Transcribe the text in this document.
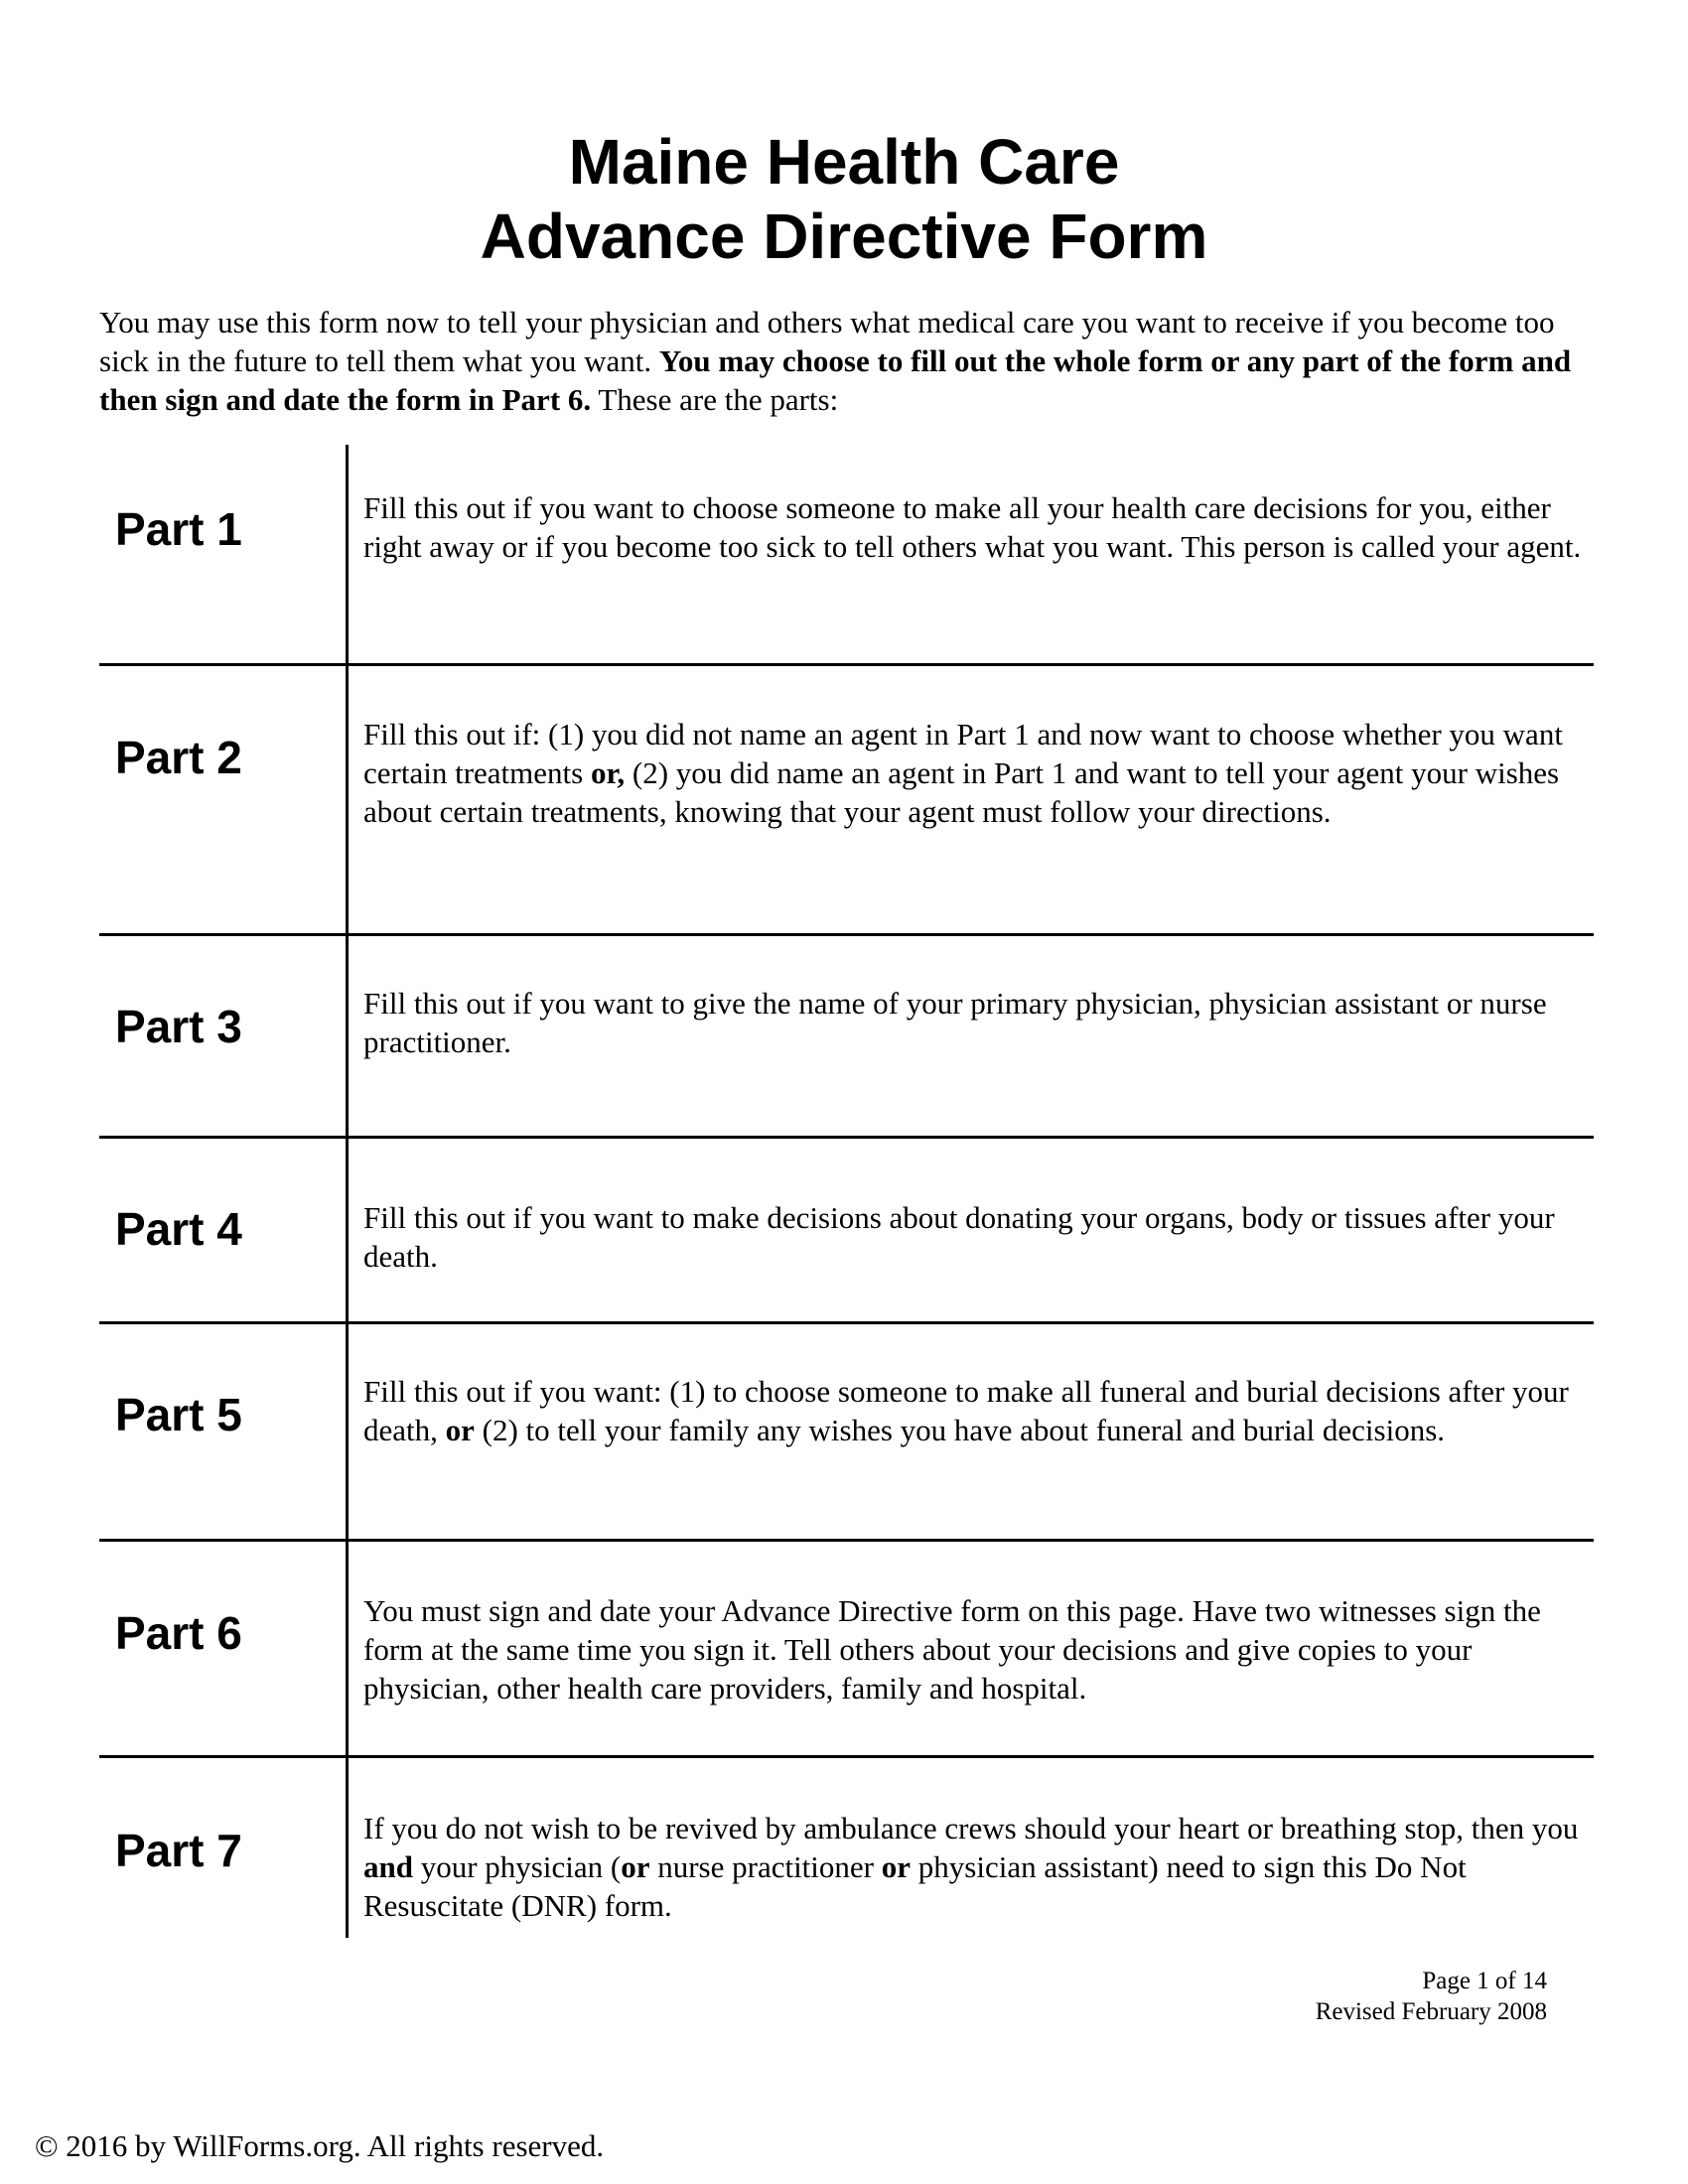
Maine Health Care
Advance Directive Form
You may use this form now to tell your physician and others what medical care you want to receive if you become too sick in the future to tell them what you want. You may choose to fill out the whole form or any part of the form and then sign and date the form in Part 6. These are the parts:
Part 1	Fill this out if you want to choose someone to make all your health care decisions for you, either right away or if you become too sick to tell others what you want. This person is called your agent.
Part 2	Fill this out if: (1) you did not name an agent in Part 1 and now want to choose whether you want certain treatments or, (2) you did name an agent in Part 1 and want to tell your agent your wishes about certain treatments, knowing that your agent must follow your directions.
Part 3	Fill this out if you want to give the name of your primary physician, physician assistant or nurse practitioner.
Part 4	Fill this out if you want to make decisions about donating your organs, body or tissues after your death.
Part 5	Fill this out if you want: (1) to choose someone to make all funeral and burial decisions after your death, or (2) to tell your family any wishes you have about funeral and burial decisions.
Part 6	You must sign and date your Advance Directive form on this page. Have two witnesses sign the form at the same time you sign it. Tell others about your decisions and give copies to your physician, other health care providers, family and hospital.
Part 7	If you do not wish to be revived by ambulance crews should your heart or breathing stop, then you and your physician (or nurse practitioner or physician assistant) need to sign this Do Not Resuscitate (DNR) form.
Page 1 of 14
Revised February 2008
© 2016 by WillForms.org. All rights reserved.
